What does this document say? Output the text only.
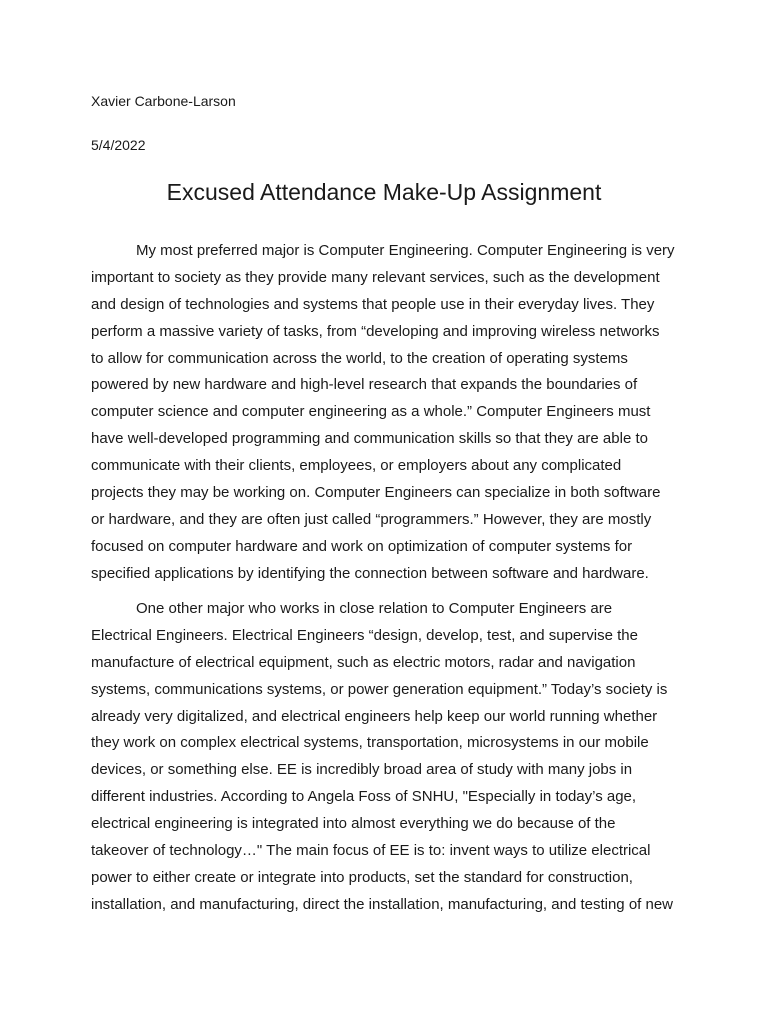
Xavier Carbone-Larson
5/4/2022
Excused Attendance Make-Up Assignment
My most preferred major is Computer Engineering. Computer Engineering is very
important to society as they provide many relevant services, such as the development
and design of technologies and systems that people use in their everyday lives. They
perform a massive variety of tasks, from “developing and improving wireless networks
to allow for communication across the world, to the creation of operating systems
powered by new hardware and high-level research that expands the boundaries of
computer science and computer engineering as a whole.” Computer Engineers must
have well-developed programming and communication skills so that they are able to
communicate with their clients, employees, or employers about any complicated
projects they may be working on. Computer Engineers can specialize in both software
or hardware, and they are often just called “programmers.” However, they are mostly
focused on computer hardware and work on optimization of computer systems for
specified applications by identifying the connection between software and hardware.
One other major who works in close relation to Computer Engineers are
Electrical Engineers. Electrical Engineers “design, develop, test, and supervise the
manufacture of electrical equipment, such as electric motors, radar and navigation
systems, communications systems, or power generation equipment.” Today’s society is
already very digitalized, and electrical engineers help keep our world running whether
they work on complex electrical systems, transportation, microsystems in our mobile
devices, or something else. EE is incredibly broad area of study with many jobs in
different industries. According to Angela Foss of SNHU, "Especially in today’s age,
electrical engineering is integrated into almost everything we do because of the
takeover of technology…" The main focus of EE is to: invent ways to utilize electrical
power to either create or integrate into products, set the standard for construction,
installation, and manufacturing, direct the installation, manufacturing, and testing of new
